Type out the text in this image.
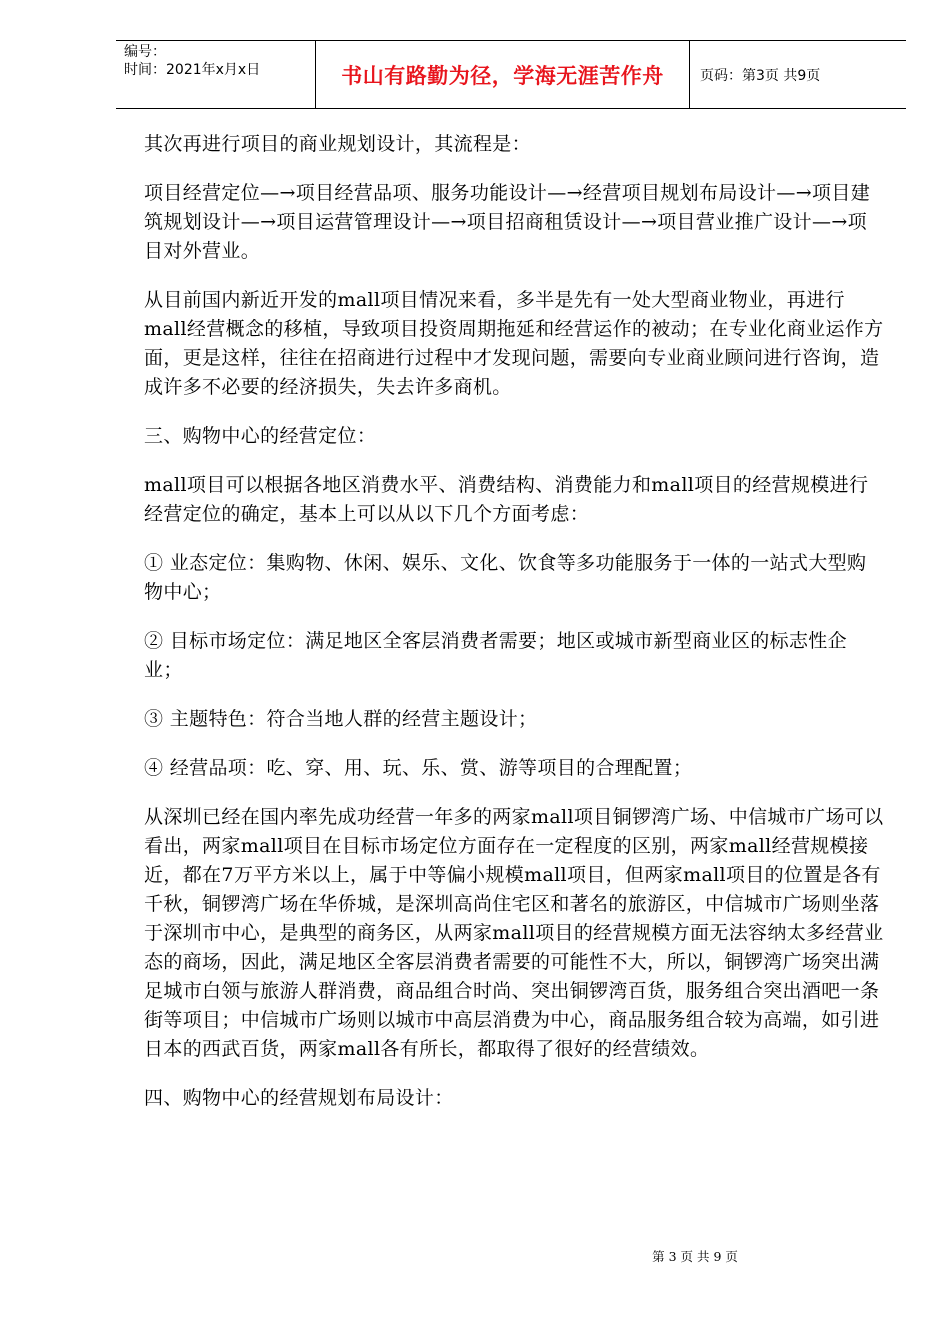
编号：
时间：2021年x月x日	书山有路勤为径，学海无涯苦作舟	页码：第3页 共9页

其次再进行项目的商业规划设计，其流程是：

项目经营定位—→项目经营品项、服务功能设计—→经营项目规划布局设计—→项目建筑规划设计—→项目运营管理设计—→项目招商租赁设计—→项目营业推广设计—→项目对外营业。

从目前国内新近开发的mall项目情况来看，多半是先有一处大型商业物业，再进行mall经营概念的移植，导致项目投资周期拖延和经营运作的被动；在专业化商业运作方面，更是这样，往往在招商进行过程中才发现问题，需要向专业商业顾问进行咨询，造成许多不必要的经济损失，失去许多商机。

三、购物中心的经营定位：

mall项目可以根据各地区消费水平、消费结构、消费能力和mall项目的经营规模进行经营定位的确定，基本上可以从以下几个方面考虑：

① 业态定位：集购物、休闲、娱乐、文化、饮食等多功能服务于一体的一站式大型购物中心；

② 目标市场定位：满足地区全客层消费者需要；地区或城市新型商业区的标志性企业；

③ 主题特色：符合当地人群的经营主题设计；

④ 经营品项：吃、穿、用、玩、乐、赏、游等项目的合理配置；

从深圳已经在国内率先成功经营一年多的两家mall项目铜锣湾广场、中信城市广场可以看出，两家mall项目在目标市场定位方面存在一定程度的区别，两家mall经营规模接近，都在7万平方米以上，属于中等偏小规模mall项目，但两家mall项目的位置是各有千秋，铜锣湾广场在华侨城，是深圳高尚住宅区和著名的旅游区，中信城市广场则坐落于深圳市中心，是典型的商务区，从两家mall项目的经营规模方面无法容纳太多经营业态的商场，因此，满足地区全客层消费者需要的可能性不大，所以，铜锣湾广场突出满足城市白领与旅游人群消费，商品组合时尚、突出铜锣湾百货，服务组合突出酒吧一条街等项目；中信城市广场则以城市中高层消费为中心，商品服务组合较为高端，如引进日本的西武百货，两家mall各有所长，都取得了很好的经营绩效。

四、购物中心的经营规划布局设计：

第 3 页 共 9 页
